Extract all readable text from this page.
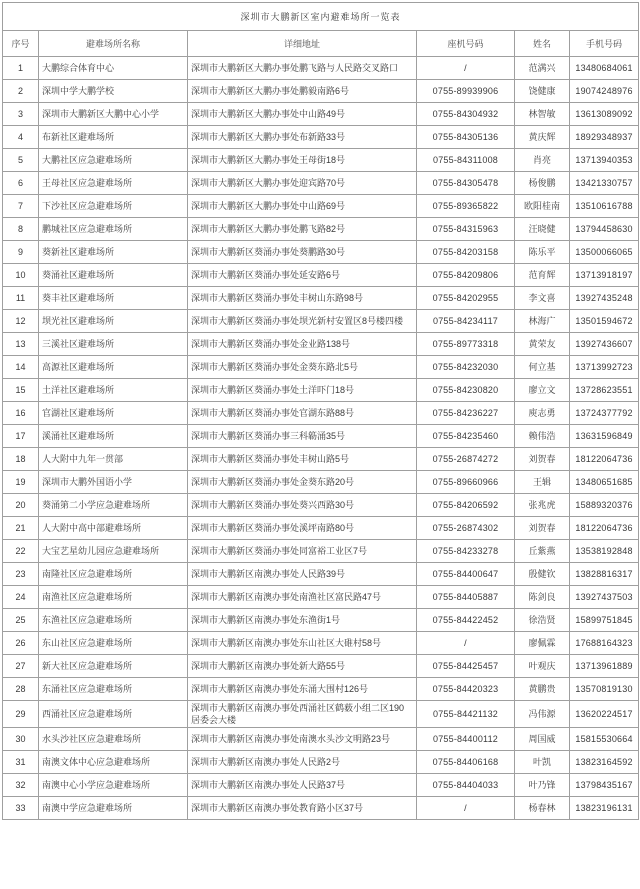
深圳市大鹏新区室内避难场所一览表					
序号	避难场所名称	详细地址	座机号码	姓名	手机号码
1	大鹏综合体育中心	深圳市大鹏新区大鹏办事处鹏飞路与人民路交叉路口	/	范满兴	13480684061
2	深圳中学大鹏学校	深圳市大鹏新区大鹏办事处鹏毅南路6号	0755-89939906	饶健康	19074248976
3	深圳市大鹏新区大鹏中心小学	深圳市大鹏新区大鹏办事处中山路49号	0755-84304932	林智敏	13613089092
4	布新社区避难场所	深圳市大鹏新区大鹏办事处布新路33号	0755-84305136	黄庆辉	18929348937
5	大鹏社区应急避难场所	深圳市大鹏新区大鹏办事处王母街18号	0755-84311008	肖亮	13713940353
6	王母社区应急避难场所	深圳市大鹏新区大鹏办事处迎宾路70号	0755-84305478	杨俊鹏	13421330757
7	下沙社区应急避难场所	深圳市大鹏新区大鹏办事处中山路69号	0755-89365822	欧阳桂南	13510616788
8	鹏城社区应急避难场所	深圳市大鹏新区大鹏办事处鹏飞路82号	0755-84315963	汪晓健	13794458630
9	葵新社区避难场所	深圳市大鹏新区葵涌办事处葵鹏路30号	0755-84203158	陈乐平	13500066065
10	葵涌社区避难场所	深圳市大鹏新区葵涌办事处延安路6号	0755-84209806	范育辉	13713918197
11	葵丰社区避难场所	深圳市大鹏新区葵涌办事处丰树山东路98号	0755-84202955	李文喜	13927435248
12	坝光社区避难场所	深圳市大鹏新区葵涌办事处坝光新村安置区8号楼四楼	0755-84234117	林海广	13501594672
13	三溪社区避难场所	深圳市大鹏新区葵涌办事处金业路138号	0755-89773318	黄荣友	13927436607
14	高源社区避难场所	深圳市大鹏新区葵涌办事处金葵东路北5号	0755-84232030	何立基	13713992723
15	土洋社区避难场所	深圳市大鹏新区葵涌办事处土洋吓门18号	0755-84230820	廖立文	13728623551
16	官湖社区避难场所	深圳市大鹏新区葵涌办事处官湖东路88号	0755-84236227	庾志勇	13724377792
17	溪涌社区避难场所	深圳市大鹏新区葵涌办事三科簕涌35号	0755-84235460	赖伟浩	13631596849
18	人大附中九年一贯部	深圳市大鹏新区葵涌办事处丰树山路5号	0755-26874272	刘贺春	18122064736
19	深圳市大鹏外国语小学	深圳市大鹏新区葵涌办事处金葵东路20号	0755-89660966	王辑	13480651685
20	葵涌第二小学应急避难场所	深圳市大鹏新区葵涌办事处葵兴西路30号	0755-84206592	张兆虎	15889320376
21	人大附中高中部避难场所	深圳市大鹏新区葵涌办事处溪坪南路80号	0755-26874302	刘贺春	18122064736
22	大宝艺星幼儿园应急避难场所	深圳市大鹏新区葵涌办事处同富裕工业区7号	0755-84233278	丘紫燕	13538192848
23	南隆社区应急避难场所	深圳市大鹏新区南澳办事处人民路39号	0755-84400647	殷健钦	13828816317
24	南渔社区应急避难场所	深圳市大鹏新区南澳办事处南渔社区富民路47号	0755-84405887	陈剑良	13927437503
25	东渔社区应急避难场所	深圳市大鹏新区南澳办事处东渔街1号	0755-84422452	徐浩贤	15899751845
26	东山社区应急避难场所	深圳市大鹏新区南澳办事处东山社区大碓村58号	/	廖佩霖	17688164323
27	新大社区应急避难场所	深圳市大鹏新区南澳办事处新大路55号	0755-84425457	叶观庆	13713961889
28	东涌社区应急避难场所	深圳市大鹏新区南澳办事处东涌大围村126号	0755-84420323	黄鹏贵	13570819130
29	西涌社区应急避难场所	深圳市大鹏新区南澳办事处西涌社区鹤薮小组二区190居委会大楼	0755-84421132	冯伟源	13620224517
30	水头沙社区应急避难场所	深圳市大鹏新区南澳办事处南澳水头沙文明路23号	0755-84400112	周国威	15815530664
31	南澳文体中心应急避难场所	深圳市大鹏新区南澳办事处人民路2号	0755-84406168	叶凯	13823164592
32	南澳中心小学应急避难场所	深圳市大鹏新区南澳办事处人民路37号	0755-84404033	叶乃锋	13798435167
33	南澳中学应急避难场所	深圳市大鹏新区南澳办事处教育路小区37号	/	杨春林	13823196131
